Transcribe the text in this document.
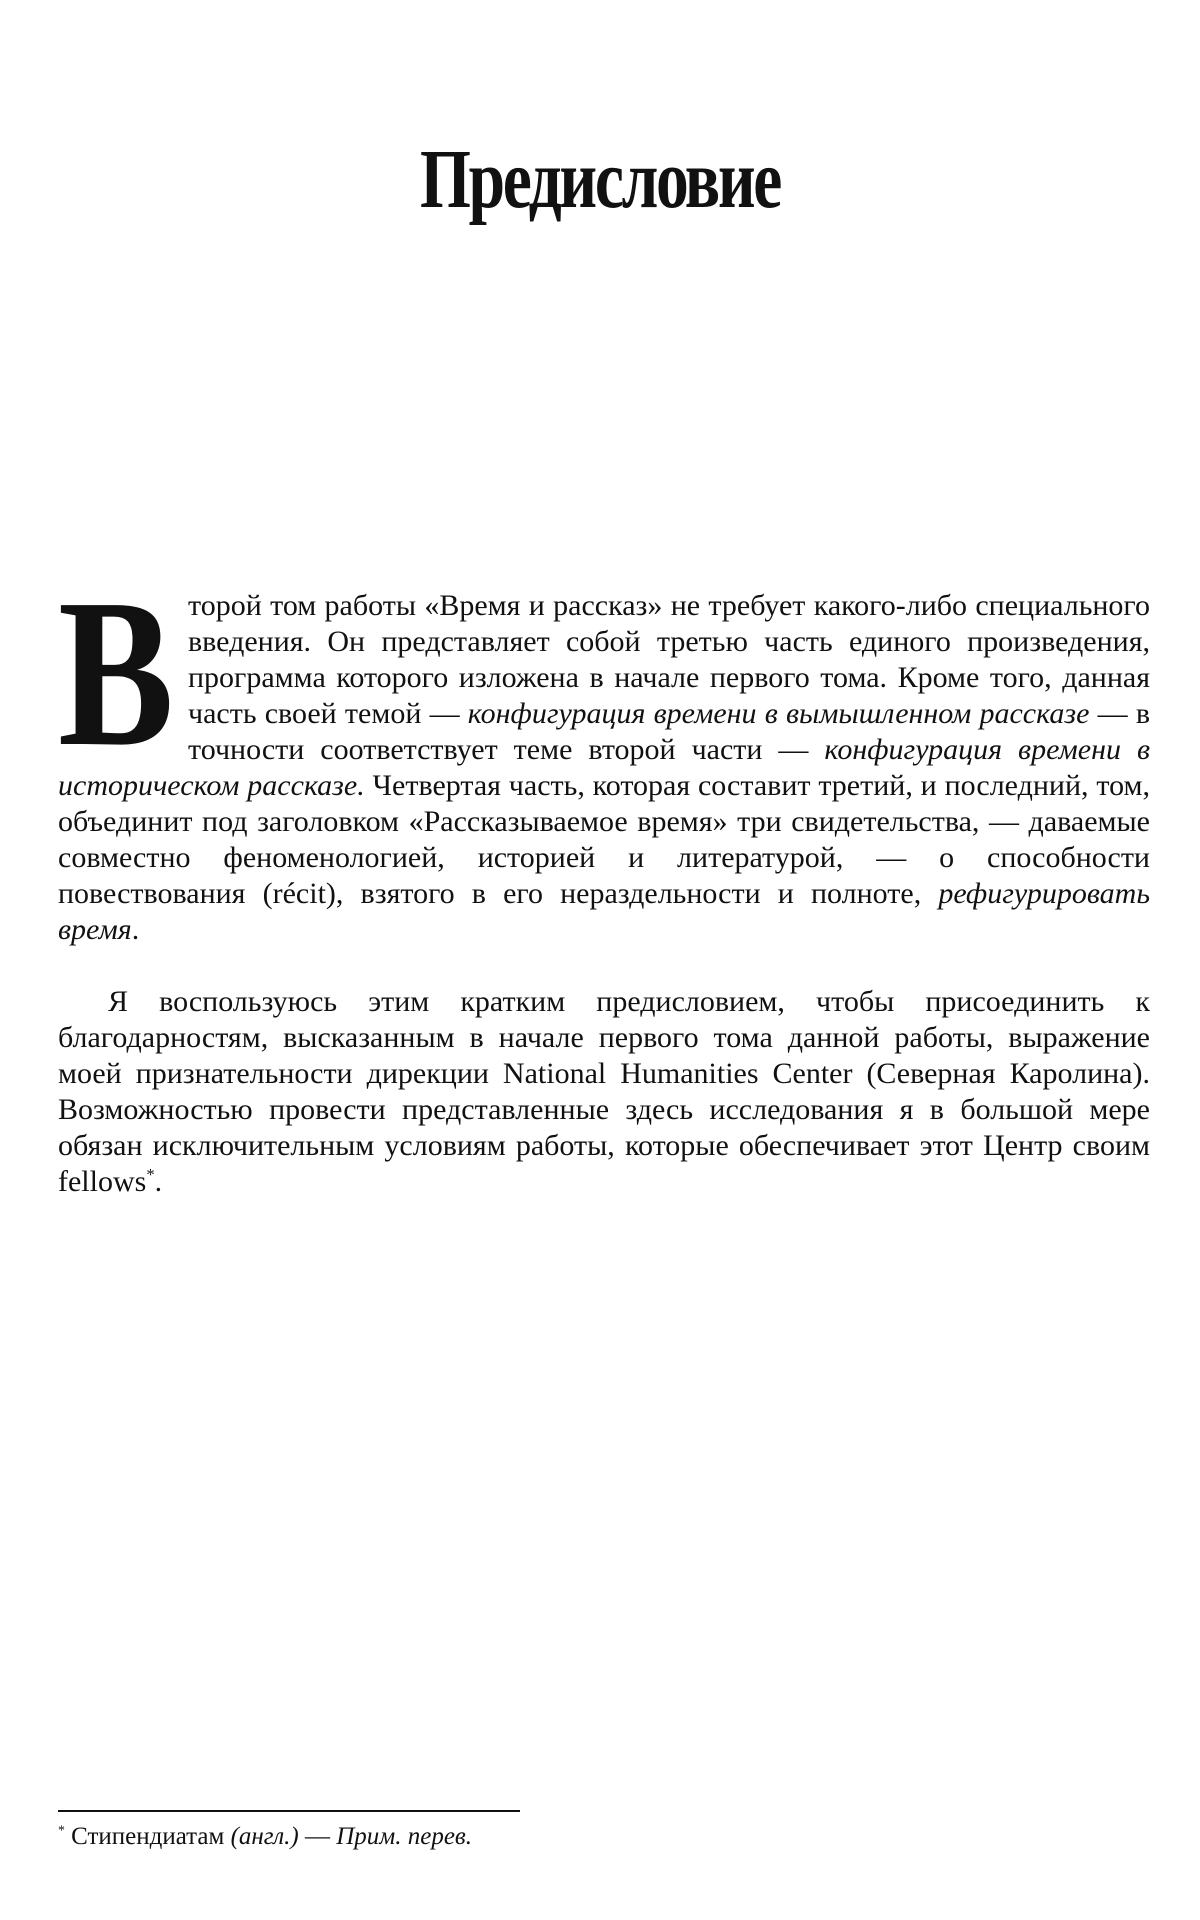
Предисловие

Второй том работы «Время и рассказ» не требует какого-либо специального введения. Он представляет собой третью часть единого произведения, программа которого изложена в начале первого тома. Кроме того, данная часть своей темой — конфигурация времени в вымышленном рассказе — в точности соответствует теме второй части — конфигурация времени в историческом рассказе. Четвертая часть, которая составит третий, и последний, том, объединит под заголовком «Рассказываемое время» три свидетельства, — даваемые совместно феноменологией, историей и литературой, — о способности повествования (récit), взятого в его нераздельности и полноте, рефигурировать время.

Я воспользуюсь этим кратким предисловием, чтобы присоединить к благодарностям, высказанным в начале первого тома данной работы, выражение моей признательности дирекции National Humanities Center (Северная Каролина). Возможностью провести представленные здесь исследования я в большой мере обязан исключительным условиям работы, которые обеспечивает этот Центр своим fellows*.

* Стипендиатам (англ.) — Прим. перев.
